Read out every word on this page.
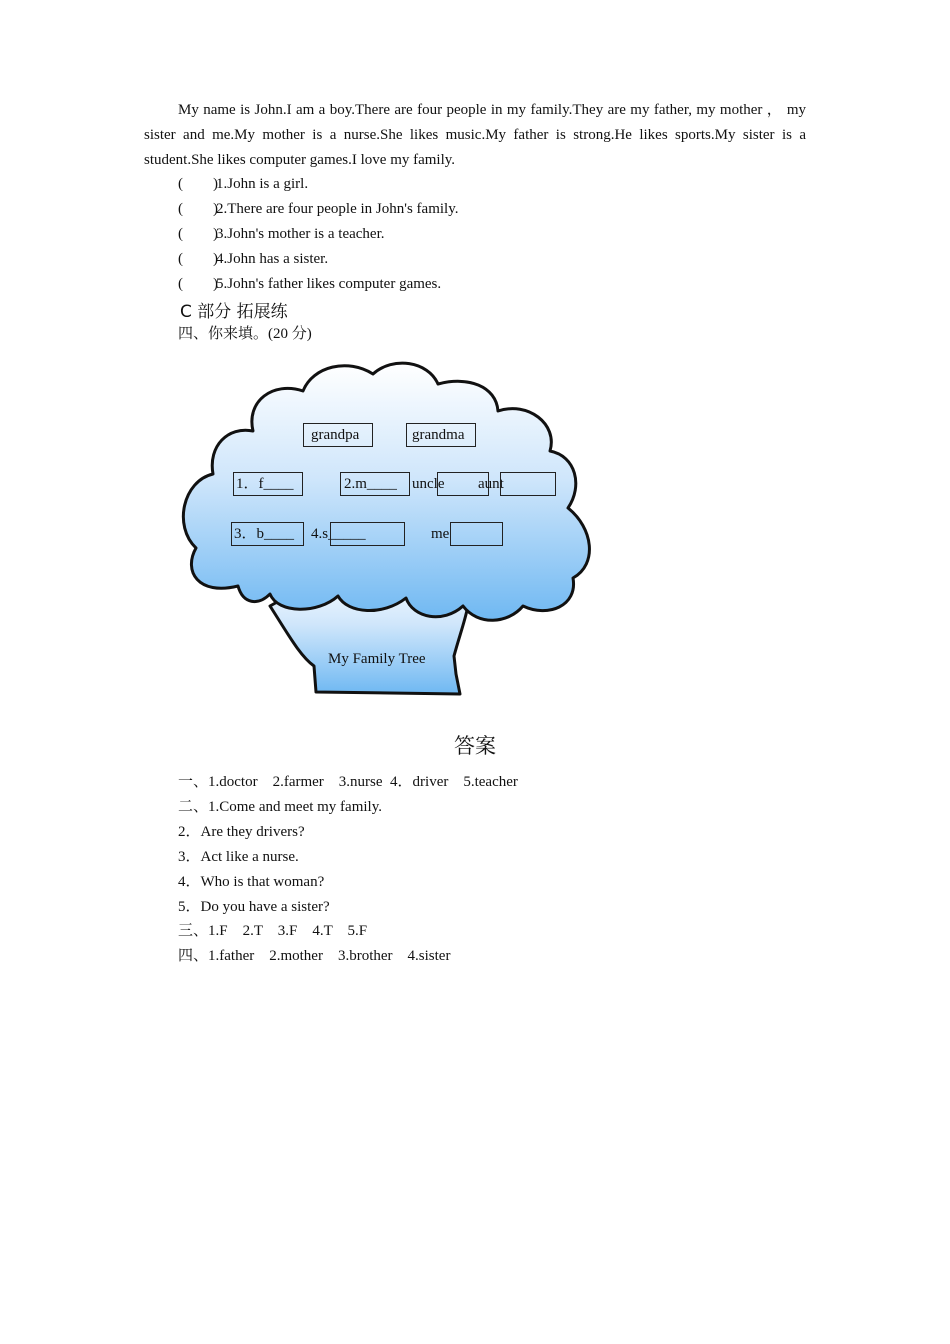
My name is John.I am a boy.There are four people in my family.They are my father, my mother ， my sister and me.My mother is a nurse.She likes music.My father is strong.He likes sports.My sister is a student.She likes computer games.I love my family.

(        )1.John is a girl.
(        )2.There are four people in John's family.
(        )3.John's mother is a teacher.
(        )4.John has a sister.
(        )5.John's father likes computer games.
C 部分 拓展练
四、你来填。(20 分)
grandpa	grandma
1．f____	2.m____ uncle aunt
3．b____ 4.s_____	me
My Family Tree
答案
一、1.doctor    2.farmer    3.nurse  4．driver    5.teacher
二、1.Come and meet my family.
2．Are they drivers?
3．Act like a nurse.
4．Who is that woman?
5．Do you have a sister?
三、1.F    2.T    3.F    4.T    5.F
四、1.father    2.mother    3.brother    4.sister
